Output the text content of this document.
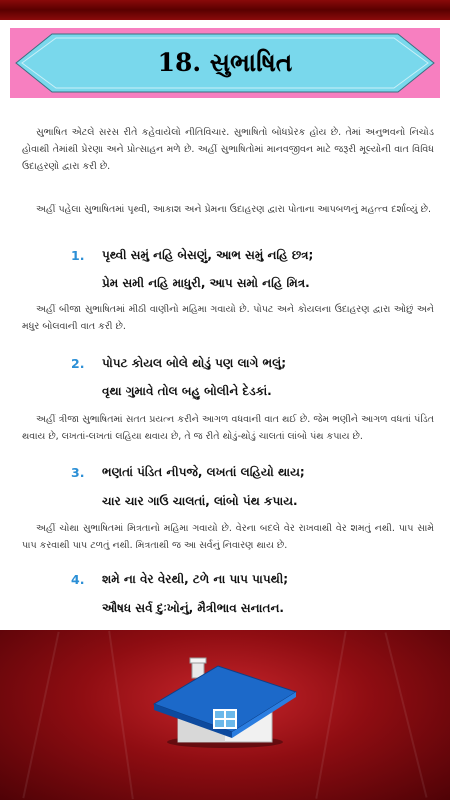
18. સુભાષિત

સુભાષિત એટલે સરસ રીતે કહેવાયેલો નીતિવિચાર. સુભાષિતો બોધપ્રેરક હોય છે. તેમાં અનુભવનો નિચોડ હોવાથી તેમાંથી પ્રેરણા અને પ્રોત્સાહન મળે છે. અહીં સુભાષિતોમાં માનવજીવન માટે જરૂરી મૂલ્યોની વાત વિવિધ ઉદાહરણો દ્વારા કરી છે.

અહીં પહેલા સુભાષિતમાં પૃથ્વી, આકાશ અને પ્રેમના ઉદાહરણ દ્વારા પોતાના આપબળનું મહત્ત્વ દર્શાવ્યું છે.

1. પૃથ્વી સમું નહિ બેસણું, આભ સમું નહિ છત્ર;
પ્રેમ સમી નહિ માધુરી, આપ સમો નહિ મિત્ર.

અહીં બીજા સુભાષિતમાં મીઠી વાણીનો મહિમા ગવાયો છે. પોપટ અને કોયલના ઉદાહરણ દ્વારા ઓછું અને મધુર બોલવાની વાત કરી છે.

2. પોપટ કોયલ બોલે થોડું પણ લાગે ભલું;
વૃથા ગુમાવે તોલ બહુ બોલીને દેડકાં.

અહીં ત્રીજા સુભાષિતમાં સતત પ્રયત્ન કરીને આગળ વધવાની વાત થઈ છે. જેમ ભણીને આગળ વધતાં પંડિત થવાય છે, લખતાં-લખતાં લહિયા થવાય છે, તે જ રીતે થોડું-થોડું ચાલતાં લાંબો પંથ કપાય છે.

3. ભણતાં પંડિત નીપજે, લખતાં લહિયો થાય;
ચાર ચાર ગાઉ ચાલતાં, લાંબો પંથ કપાય.

અહીં ચોથા સુભાષિતમાં મિત્રતાનો મહિમા ગવાયો છે. વેરના બદલે વેર રાખવાથી વેર શમતું નથી. પાપ સામે પાપ કરવાથી પાપ ટળતું નથી. મિત્રતાથી જ આ સર્વનું નિવારણ થાય છે.

4. શમે ના વેર વેરથી, ટળે ના પાપ પાપથી;
ઔષધ સર્વ દુઃખોનું, મૈત્રીભાવ સનાતન.
